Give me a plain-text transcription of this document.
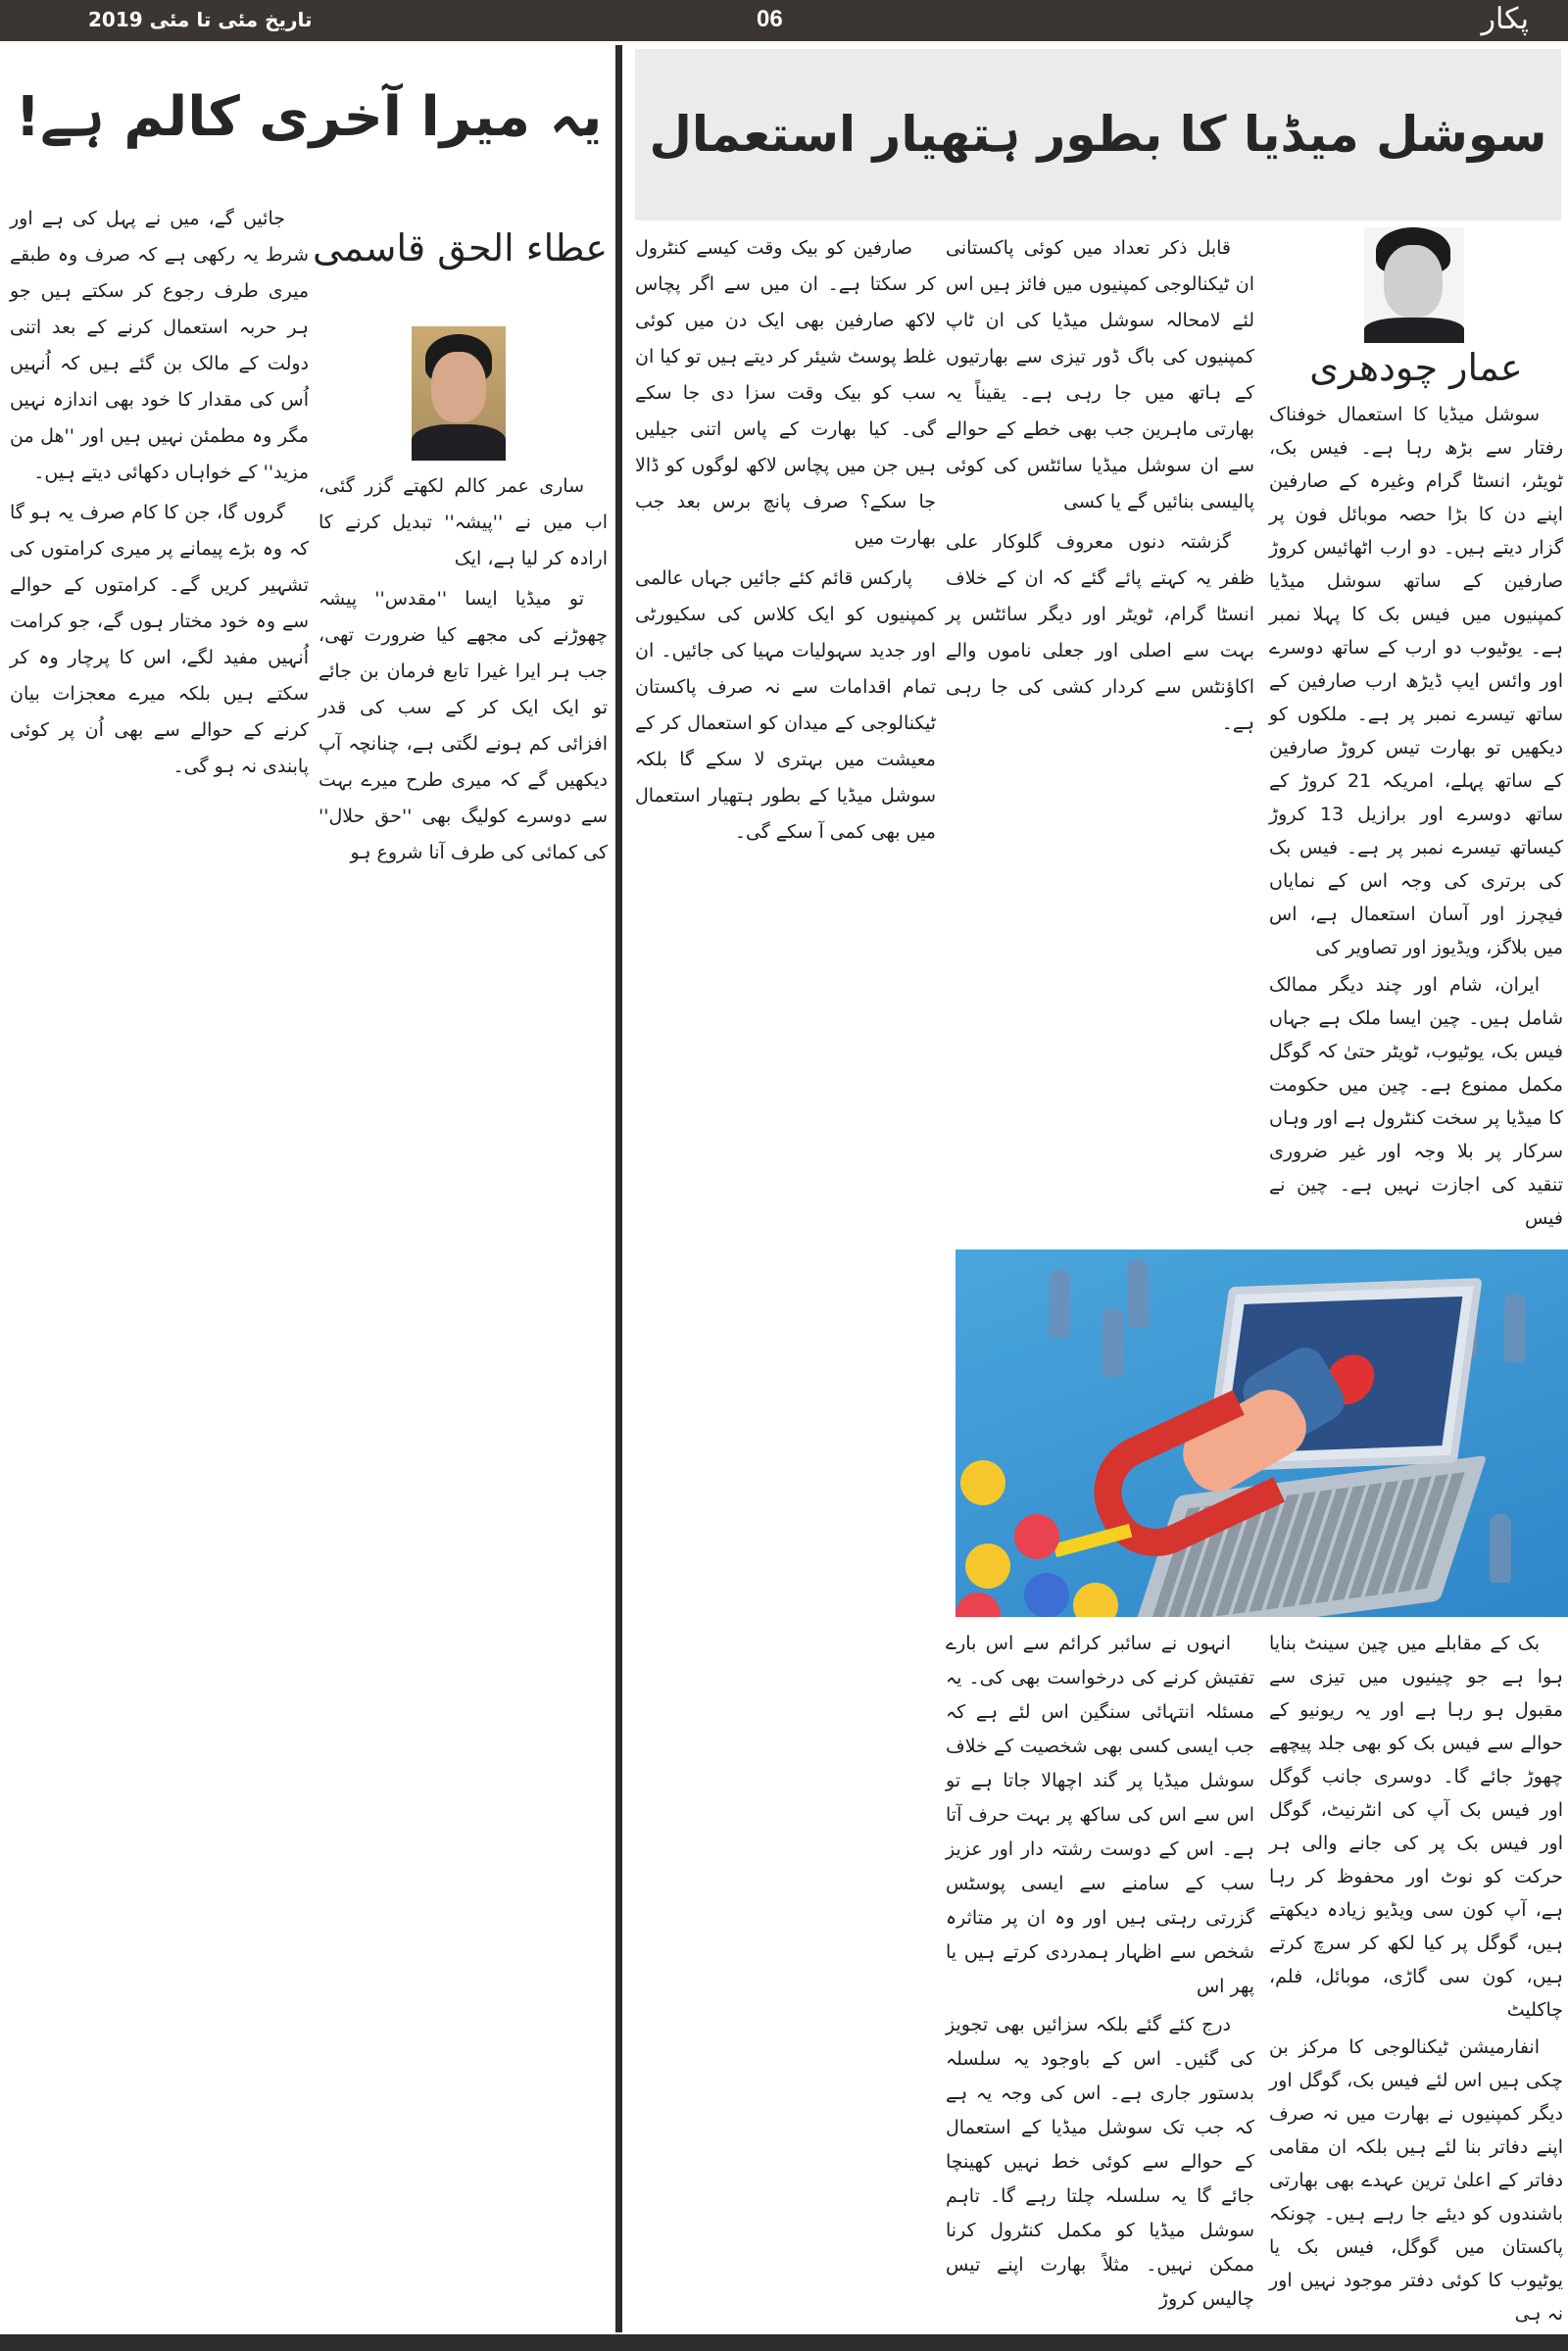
تاریخ مئی تا مئی 2019	06	پکار
یہ میرا آخری کالم ہے!

جائیں گے، میں نے پہل کی ہے اور شرط یہ رکھی ہے کہ صرف وہ طبقے میری طرف رجوع کر سکتے ہیں جو ہر حربہ استعمال کرنے کے بعد اتنی دولت کے مالک بن گئے ہیں کہ اُنہیں اُس کی مقدار کا خود بھی اندازہ نہیں مگر وہ مطمئن نہیں ہیں اور ''ھل من مزید'' کے خواہاں دکھائی دیتے ہیں۔

گروں گا، جن کا کام صرف یہ ہو گا کہ وہ بڑے پیمانے پر میری کرامتوں کی تشہیر کریں گے۔ کرامتوں کے حوالے سے وہ خود مختار ہوں گے، جو کرامت اُنہیں مفید لگے، اس کا پرچار وہ کر سکتے ہیں بلکہ میرے معجزات بیان کرنے کے حوالے سے بھی اُن پر کوئی پابندی نہ ہو گی۔

عطاء الحق قاسمی

ساری عمر کالم لکھتے گزر گئی، اب میں نے ''پیشہ'' تبدیل کرنے کا ارادہ کر لیا ہے، ایک

تو میڈیا ایسا ''مقدس'' پیشہ چھوڑنے کی مجھے کیا ضرورت تھی، جب ہر ایرا غیرا تابع فرمان بن جائے تو ایک ایک کر کے سب کی قدر افزائی کم ہونے لگتی ہے، چنانچہ آپ دیکھیں گے کہ میری طرح میرے بہت سے دوسرے کولیگ بھی ''حق حلال'' کی کمائی کی طرف آنا شروع ہو

سوشل میڈیا کا بطور ہتھیار استعمال
عمار چودھری

سوشل میڈیا کا استعمال خوفناک رفتار سے بڑھ رہا ہے۔ فیس بک، ٹویٹر، انسٹا گرام وغیرہ کے صارفین اپنے دن کا بڑا حصہ موبائل فون پر گزار دیتے ہیں۔ دو ارب اٹھائیس کروڑ صارفین کے ساتھ سوشل میڈیا کمپنیوں میں فیس بک کا پہلا نمبر ہے۔ یوٹیوب دو ارب کے ساتھ دوسرے اور وائس ایپ ڈیڑھ ارب صارفین کے ساتھ تیسرے نمبر پر ہے۔ ملکوں کو دیکھیں تو بھارت تیس کروڑ صارفین کے ساتھ پہلے، امریکہ 21 کروڑ کے ساتھ دوسرے اور برازیل 13 کروڑ کیساتھ تیسرے نمبر پر ہے۔ فیس بک کی برتری کی وجہ اس کے نمایاں فیچرز اور آسان استعمال ہے، اس میں بلاگز، ویڈیوز اور تصاویر کی

ایران، شام اور چند دیگر ممالک شامل ہیں۔ چین ایسا ملک ہے جہاں فیس بک، یوٹیوب، ٹویٹر حتیٰ کہ گوگل مکمل ممنوع ہے۔ چین میں حکومت کا میڈیا پر سخت کنٹرول ہے اور وہاں سرکار پر بلا وجہ اور غیر ضروری تنقید کی اجازت نہیں ہے۔ چین نے فیس

قابل ذکر تعداد میں کوئی پاکستانی ان ٹیکنالوجی کمپنیوں میں فائز ہیں اس لئے لامحالہ سوشل میڈیا کی ان ٹاپ کمپنیوں کی باگ ڈور تیزی سے بھارتیوں کے ہاتھ میں جا رہی ہے۔ یقیناً یہ بھارتی ماہرین جب بھی خطے کے حوالے سے ان سوشل میڈیا سائٹس کی کوئی پالیسی بنائیں گے یا کسی

گزشتہ دنوں معروف گلوکار علی ظفر یہ کہتے پائے گئے کہ ان کے خلاف انسٹا گرام، ٹویٹر اور دیگر سائٹس پر بہت سے اصلی اور جعلی ناموں والے اکاؤنٹس سے کردار کشی کی جا رہی ہے۔

صارفین کو بیک وقت کیسے کنٹرول کر سکتا ہے۔ ان میں سے اگر پچاس لاکھ صارفین بھی ایک دن میں کوئی غلط پوسٹ شیئر کر دیتے ہیں تو کیا ان سب کو بیک وقت سزا دی جا سکے گی۔ کیا بھارت کے پاس اتنی جیلیں ہیں جن میں پچاس لاکھ لوگوں کو ڈالا جا سکے؟ صرف پانچ برس بعد جب بھارت میں

پارکس قائم کئے جائیں جہاں عالمی کمپنیوں کو ایک کلاس کی سکیورٹی اور جدید سہولیات مہیا کی جائیں۔ ان تمام اقدامات سے نہ صرف پاکستان ٹیکنالوجی کے میدان کو استعمال کر کے معیشت میں بہتری لا سکے گا بلکہ سوشل میڈیا کے بطور ہتھیار استعمال میں بھی کمی آ سکے گی۔

بک کے مقابلے میں چین سینٹ بنایا ہوا ہے جو چینیوں میں تیزی سے مقبول ہو رہا ہے اور یہ ریونیو کے حوالے سے فیس بک کو بھی جلد پیچھے چھوڑ جائے گا۔ دوسری جانب گوگل اور فیس بک آپ کی انٹرنیٹ، گوگل اور فیس بک پر کی جانے والی ہر حرکت کو نوٹ اور محفوظ کر رہا ہے، آپ کون سی ویڈیو زیادہ دیکھتے ہیں، گوگل پر کیا لکھ کر سرچ کرتے ہیں، کون سی گاڑی، موبائل، فلم، چاکلیٹ

انفارمیشن ٹیکنالوجی کا مرکز بن چکی ہیں اس لئے فیس بک، گوگل اور دیگر کمپنیوں نے بھارت میں نہ صرف اپنے دفاتر بنا لئے ہیں بلکہ ان مقامی دفاتر کے اعلیٰ ترین عہدے بھی بھارتی باشندوں کو دیئے جا رہے ہیں۔ چونکہ پاکستان میں گوگل، فیس بک یا یوٹیوب کا کوئی دفتر موجود نہیں اور نہ ہی

انہوں نے سائبر کرائم سے اس بارے تفتیش کرنے کی درخواست بھی کی۔ یہ مسئلہ انتہائی سنگین اس لئے ہے کہ جب ایسی کسی بھی شخصیت کے خلاف سوشل میڈیا پر گند اچھالا جاتا ہے تو اس سے اس کی ساکھ پر بہت حرف آتا ہے۔ اس کے دوست رشتہ دار اور عزیز سب کے سامنے سے ایسی پوسٹس گزرتی رہتی ہیں اور وہ ان پر متاثرہ شخص سے اظہار ہمدردی کرتے ہیں یا پھر اس

درج کئے گئے بلکہ سزائیں بھی تجویز کی گئیں۔ اس کے باوجود یہ سلسلہ بدستور جاری ہے۔ اس کی وجہ یہ ہے کہ جب تک سوشل میڈیا کے استعمال کے حوالے سے کوئی خط نہیں کھینچا جائے گا یہ سلسلہ چلتا رہے گا۔ تاہم سوشل میڈیا کو مکمل کنٹرول کرنا ممکن نہیں۔ مثلاً بھارت اپنے تیس چالیس کروڑ
